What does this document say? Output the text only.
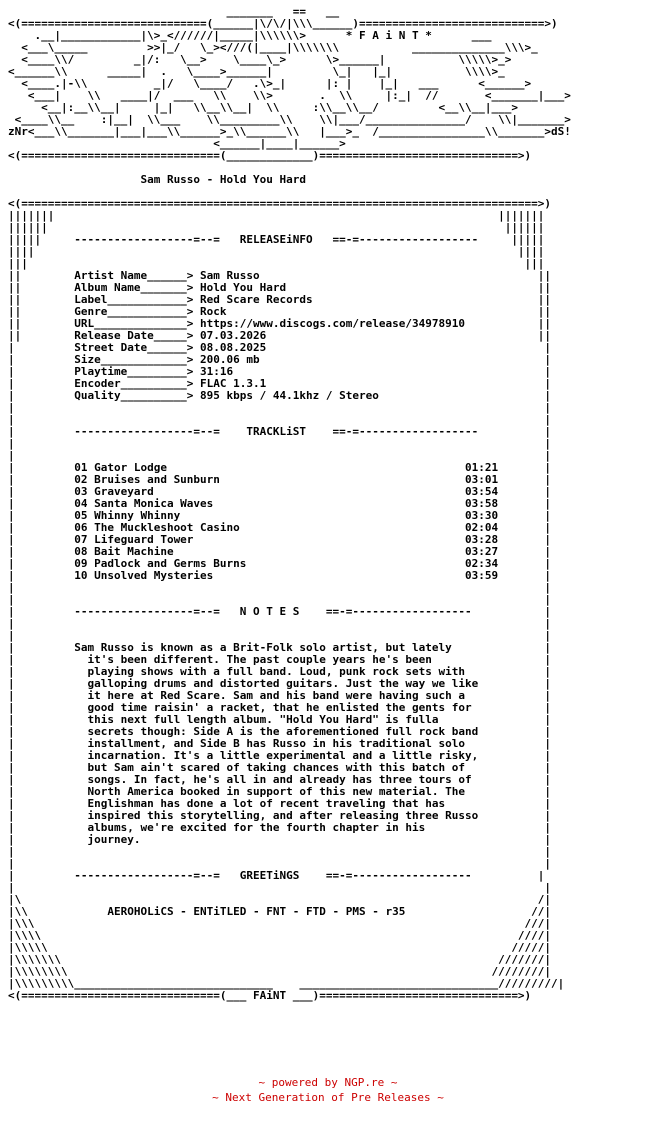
_______   ==   __
<(============================(______|\/\/|\\\______)============================>)
.__|____________|\>_<//////|_____|\\\\\\>      * F A i N T *      ___
<___\_____         >>|_/   \_><///(|____|\\\\\\\           ______________\\\>_
<____\\/         _|/:   \__>    \____\_>      \>______|           \\\\\>_>
<______\\      _____|  .   \____>______|         \_|   |_|           \\\\>_
<____.|-\\          _|/   \____/   .\>_|      |: |    |_|   ___      <______>
<___|    \\   ____|/  ___   \\    \\>       .  \\     |:_|  //       <_______|___>
<__|:__\\__|     |_|   \\__\\__|  \\     :\\__\\__/         <__\\__|___>
<____\\__    :|__|  \\___    \\_________\\    \\|___/_______________/    \\|_______>
zNr<___\\_______|___|___\\______>_\\______\\   |___>_  /________________\\_______>dS!
<______|____|______>
<(==============================(_____________)==============================>)

Sam Russo - Hold You Hard

<(==============================================================================>)
|||||||                                                                   |||||||
||||||                                                                     ||||||
|||||     ------------------=--=   RELEASEiNFO   ==-=------------------     |||||
||||                                                                         ||||
|||                                                                           |||
||        Artist Name______> Sam Russo                                          ||
||        Album Name_______> Hold You Hard                                      ||
||        Label____________> Red Scare Records                                  ||
||        Genre____________> Rock                                               ||
||        URL______________> https://www.discogs.com/release/34978910           ||
||        Release Date_____> 07.03.2026                                         ||
|         Street Date______> 08.08.2025                                          |
|         Size_____________> 200.06 mb                                           |
|         Playtime_________> 31:16                                               |
|         Encoder__________> FLAC 1.3.1                                          |
|         Quality__________> 895 kbps / 44.1khz / Stereo                         |
|                                                                                |
|                                                                                |
|         ------------------=--=    TRACKLiST    ==-=------------------          |
|                                                                                |
|                                                                                |
|         01 Gator Lodge                                             01:21       |
|         02 Bruises and Sunburn                                     03:01       |
|         03 Graveyard                                               03:54       |
|         04 Santa Monica Waves                                      03:58       |
|         05 Whinny Whinny                                           03:30       |
|         06 The Muckleshoot Casino                                  02:04       |
|         07 Lifeguard Tower                                         03:28       |
|         08 Bait Machine                                            03:27       |
|         09 Padlock and Germs Burns                                 02:34       |
|         10 Unsolved Mysteries                                      03:59       |
|                                                                                |
|                                                                                |
|         ------------------=--=   N O T E S    ==-=------------------           |
|                                                                                |
|                                                                                |
|         Sam Russo is known as a Brit-Folk solo artist, but lately              |
|           it's been different. The past couple years he's been                 |
|           playing shows with a full band. Loud, punk rock sets with            |
|           galloping drums and distorted guitars. Just the way we like          |
|           it here at Red Scare. Sam and his band were having such a            |
|           good time raisin' a racket, that he enlisted the gents for           |
|           this next full length album. "Hold You Hard" is fulla                |
|           secrets though: Side A is the aforementioned full rock band          |
|           installment, and Side B has Russo in his traditional solo            |
|           incarnation. It's a little experimental and a little risky,          |
|           but Sam ain't scared of taking chances with this batch of            |
|           songs. In fact, he's all in and already has three tours of           |
|           North America booked in support of this new material. The            |
|           Englishman has done a lot of recent traveling that has               |
|           inspired this storytelling, and after releasing three Russo          |
|           albums, we're excited for the fourth chapter in his                  |
|           journey.                                                             |
|                                                                                |
|                                                                                |
|         ------------------=--=   GREETiNGS    ==-=------------------          |
|                                                                                |
|\                                                                              /|
|\\            AEROHOLiCS - ENTiTLED - FNT - FTD - PMS - r35                   //|
|\\\                                                                          ///|
|\\\\                                                                        ////|
|\\\\\                                                                      /////|
|\\\\\\\                                                                  ///////|
|\\\\\\\\                                                                ////////|
|\\\\\\\\\______________________________    ______________________________/////////|
<(==============================(___ FAiNT ___)==============================>)
~ powered by NGP.re ~
~ Next Generation of Pre Releases ~
